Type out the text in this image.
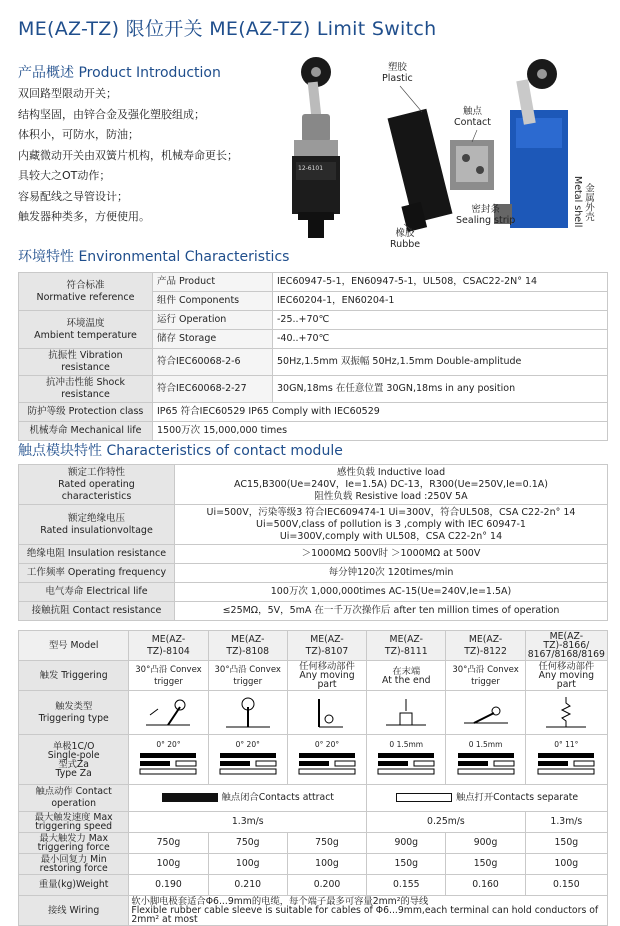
ME(AZ-TZ) 限位开关 ME(AZ-TZ) Limit Switch
产品概述 Product Introduction
双回路型限动开关；
结构坚固，由锌合金及强化塑胶组成；
体积小，可防水，防油；
内藏微动开关由双簧片机构，机械寿命更长；
具较大之OT动作；
容易配线之导管设计；
触发器种类多，方便使用。
12-6101
塑胶
Plastic
触点
Contact
金属外壳
Metal shell
密封条
Sealing strip
橡胶
Rubbe
环境特性 Environmental Characteristics
符合标准
Normative reference	产品 Product	IEC60947-5-1，EN60947-5-1，UL508，CSAC22-2N° 14
	组件 Components	IEC60204-1，EN60204-1
环境温度
Ambient temperature	运行 Operation	-25..+70℃
	储存 Storage	-40..+70℃
抗振性 Vibration resistance	符合IEC60068-2-6	50Hz,1.5mm 双振幅 50Hz,1.5mm Double-amplitude
抗冲击性能 Shock resistance	符合IEC60068-2-27	30GN,18ms 在任意位置 30GN,18ms in any position
防护等级 Protection class	IP65 符合IEC60529 IP65 Comply with IEC60529	
机械寿命 Mechanical life	1500万次 15,000,000 times	
触点模块特性 Characteristics of contact module
额定工作特性
Rated operating characteristics	感性负载 Inductive load
AC15,B300(Ue=240V，Ie=1.5A) DC-13，R300(Ue=250V,Ie=0.1A)
阻性负载 Resistive load :250V 5A
额定绝缘电压
Rated insulationvoltage	Ui=500V，污染等级3 符合IEC609474-1 Ui=300V，符合UL508，CSA C22-2n° 14
Ui=500V,class of pollution is 3 ,comply with IEC 60947-1
Ui=300V,comply with UL508，CSA C22-2n° 14
绝缘电阻 Insulation resistance	＞1000MΩ 500V时 ＞1000MΩ at 500V
工作频率 Operating frequency	每分钟120次 120times/min
电气寿命 Electrical life	100万次 1,000,000times AC-15(Ue=240V,Ie=1.5A)
接触抗阻 Contact resistance	≤25MΩ，5V，5mA 在一千万次操作后 after ten million times of operation
型号 Model	ME(AZ-TZ)-8104	ME(AZ-TZ)-8108	ME(AZ-TZ)-8107	ME(AZ-TZ)-8111	ME(AZ-TZ)-8122	ME(AZ-TZ)-8166/
8167/8168/8169
触发 Triggering	30°凸沿 Convex trigger	30°凸沿 Convex trigger	任何移动部件
Any moving part	在末端
At the end	30°凸沿 Convex trigger	任何移动部件
Any moving part
触发类型
Triggering type	

单极1C/O
Single-pole
型式Za
Type Za	0° 20°	0° 20°	0° 20°	0 1.5mm	0 1.5mm	0° 11°

触点动作 Contact operation	触点闭合Contacts attract			触点打开Contacts separate		
最大触发速度 Max triggering speed	1.3m/s			0.25m/s		1.3m/s
最大触发力 Max triggering force	750g	750g	750g	900g	900g	150g
最小回复力 Min restoring force	100g	100g	100g	150g	150g	100g
重量(kg)Weight	0.190	0.210	0.200	0.155	0.160	0.150
接线 Wiring	软小脚电极套适合Φ6...9mm的电缆，每个端子最多可容量2mm²的导线
Flexible rubber cable sleeve is suitable for cables of Φ6...9mm,each terminal can hold conductors of 2mm² at most					
